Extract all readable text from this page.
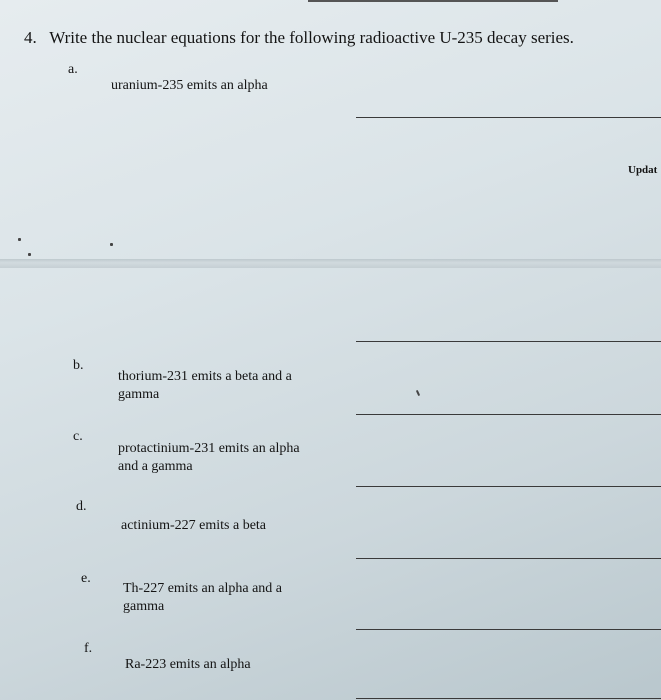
4. Write the nuclear equations for the following radioactive U-235 decay series.
a.
uranium-235 emits an alpha
Updat
b.
thorium-231 emits a beta and a
gamma
c.
protactinium-231 emits an alpha
and a gamma
d.
actinium-227 emits a beta
e.
Th-227 emits an alpha and a
gamma
f.
Ra-223 emits an alpha
